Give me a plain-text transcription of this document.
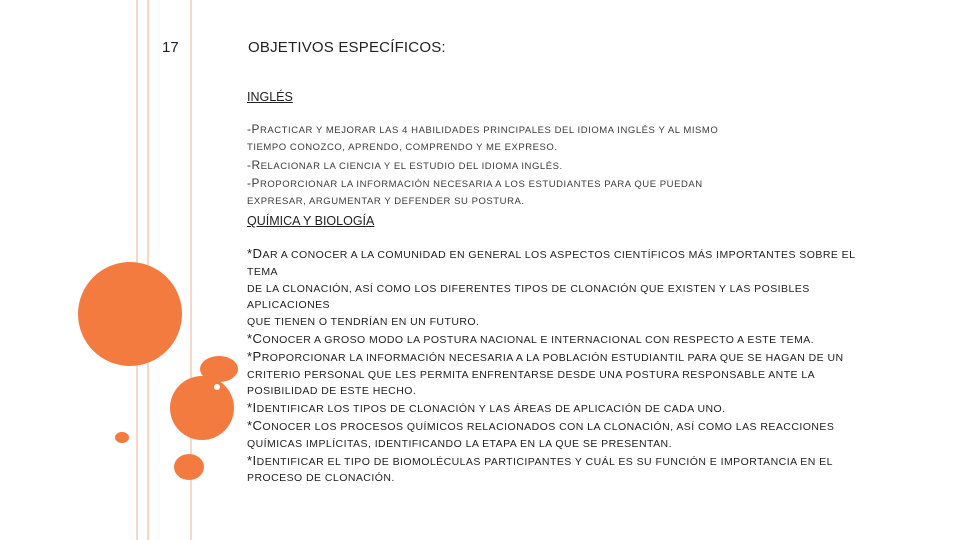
17	OBJETIVOS ESPECÍFICOS:
INGLÉS
-PRACTICAR Y MEJORAR LAS 4 HABILIDADES PRINCIPALES DEL IDIOMA INGLÉS Y AL MISMO
TIEMPO CONOZCO, APRENDO, COMPRENDO Y ME EXPRESO.
-RELACIONAR LA CIENCIA Y EL ESTUDIO DEL IDIOMA INGLÉS.
-PROPORCIONAR LA INFORMACIÓN NECESARIA A LOS ESTUDIANTES PARA QUE PUEDAN
EXPRESAR, ARGUMENTAR Y DEFENDER SU POSTURA.
QUÍMICA Y BIOLOGÍA
*DAR A CONOCER A LA COMUNIDAD EN GENERAL LOS ASPECTOS CIENTÍFICOS MÁS IMPORTANTES SOBRE EL
TEMA
DE LA CLONACIÓN, ASÍ COMO LOS DIFERENTES TIPOS DE CLONACIÓN QUE EXISTEN Y LAS POSIBLES
APLICACIONES
QUE TIENEN O TENDRÍAN EN UN FUTURO.
*CONOCER A GROSO MODO LA POSTURA NACIONAL E INTERNACIONAL CON RESPECTO A ESTE TEMA.
*PROPORCIONAR LA INFORMACIÓN NECESARIA A LA POBLACIÓN ESTUDIANTIL PARA QUE SE HAGAN DE UN
CRITERIO PERSONAL QUE LES PERMITA ENFRENTARSE DESDE UNA POSTURA RESPONSABLE ANTE LA
POSIBILIDAD DE ESTE HECHO.
*IDENTIFICAR LOS TIPOS DE CLONACIÓN Y LAS ÁREAS DE APLICACIÓN DE CADA UNO.
*CONOCER LOS PROCESOS QUÍMICOS RELACIONADOS CON LA CLONACIÓN, ASÍ COMO LAS REACCIONES
QUÍMICAS IMPLÍCITAS, IDENTIFICANDO LA ETAPA EN LA QUE SE PRESENTAN.
*IDENTIFICAR EL TIPO DE BIOMOLÉCULAS PARTICIPANTES Y CUÁL ES SU FUNCIÓN E IMPORTANCIA EN EL
PROCESO DE CLONACIÓN.
